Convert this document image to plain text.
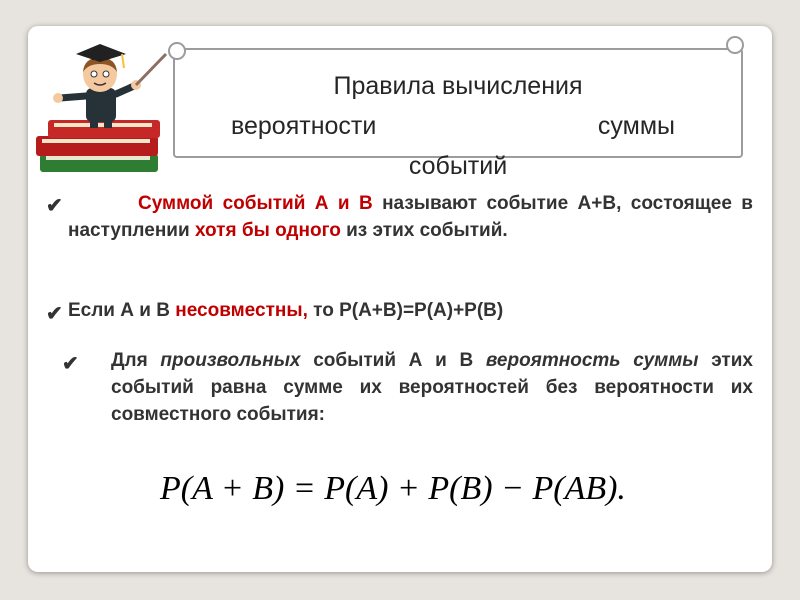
Правила вычисления
вероятности	суммы
событий
✔	Суммой событий А и В называют событие А+В, состоящее в наступлении хотя бы одного из этих событий.

✔ Если А и В несовместны, то Р(А+В)=Р(А)+Р(В)

✔ Для произвольных событий А и В вероятность суммы этих событий равна сумме их вероятностей без вероятности их совместного события:

P(A + B) = P(A) + P(B) − P(AB).
